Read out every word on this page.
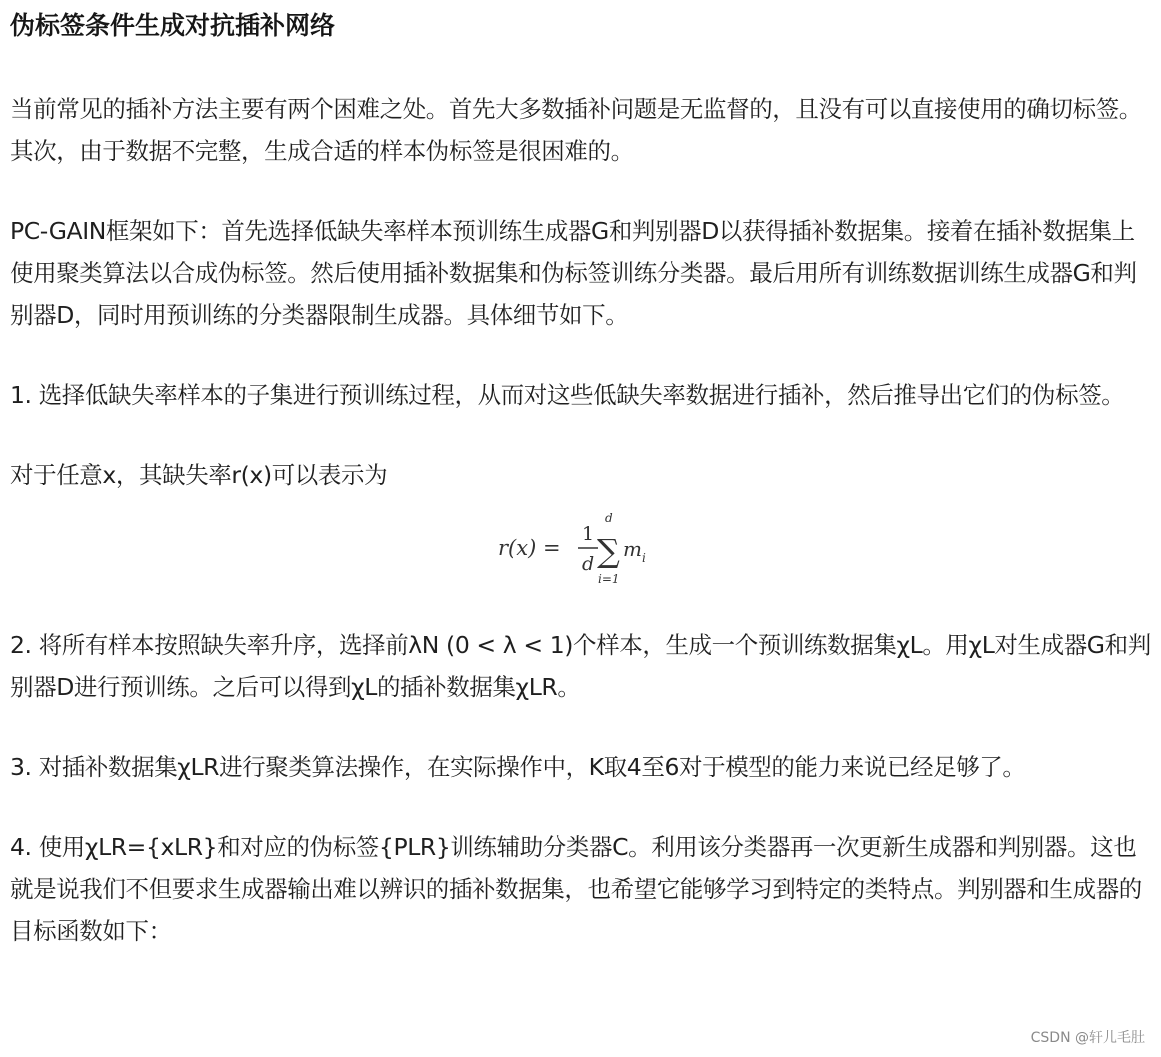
伪标签条件生成对抗插补网络

当前常见的插补方法主要有两个困难之处。首先大多数插补问题是无监督的，且没有可以直接使用的确切标签。其次，由于数据不完整，生成合适的样本伪标签是很困难的。

PC-GAIN框架如下：首先选择低缺失率样本预训练生成器G和判别器D以获得插补数据集。接着在插补数据集上使用聚类算法以合成伪标签。然后使用插补数据集和伪标签训练分类器。最后用所有训练数据训练生成器G和判别器D，同时用预训练的分类器限制生成器。具体细节如下。

1. 选择低缺失率样本的子集进行预训练过程，从而对这些低缺失率数据进行插补，然后推导出它们的伪标签。

对于任意x，其缺失率r(x)可以表示为

r(x) =
1
d
d
∑
i=1
m i

2. 将所有样本按照缺失率升序，选择前λN (0 < λ < 1)个样本，生成一个预训练数据集χL。用χL对生成器G和判别器D进行预训练。之后可以得到χL的插补数据集χLR。

3. 对插补数据集χLR进行聚类算法操作，在实际操作中，K取4至6对于模型的能力来说已经足够了。

4. 使用χLR={xLR}和对应的伪标签{PLR}训练辅助分类器C。利用该分类器再一次更新生成器和判别器。这也就是说我们不但要求生成器输出难以辨识的插补数据集，也希望它能够学习到特定的类特点。判别器和生成器的目标函数如下：

CSDN @轩儿毛肚
